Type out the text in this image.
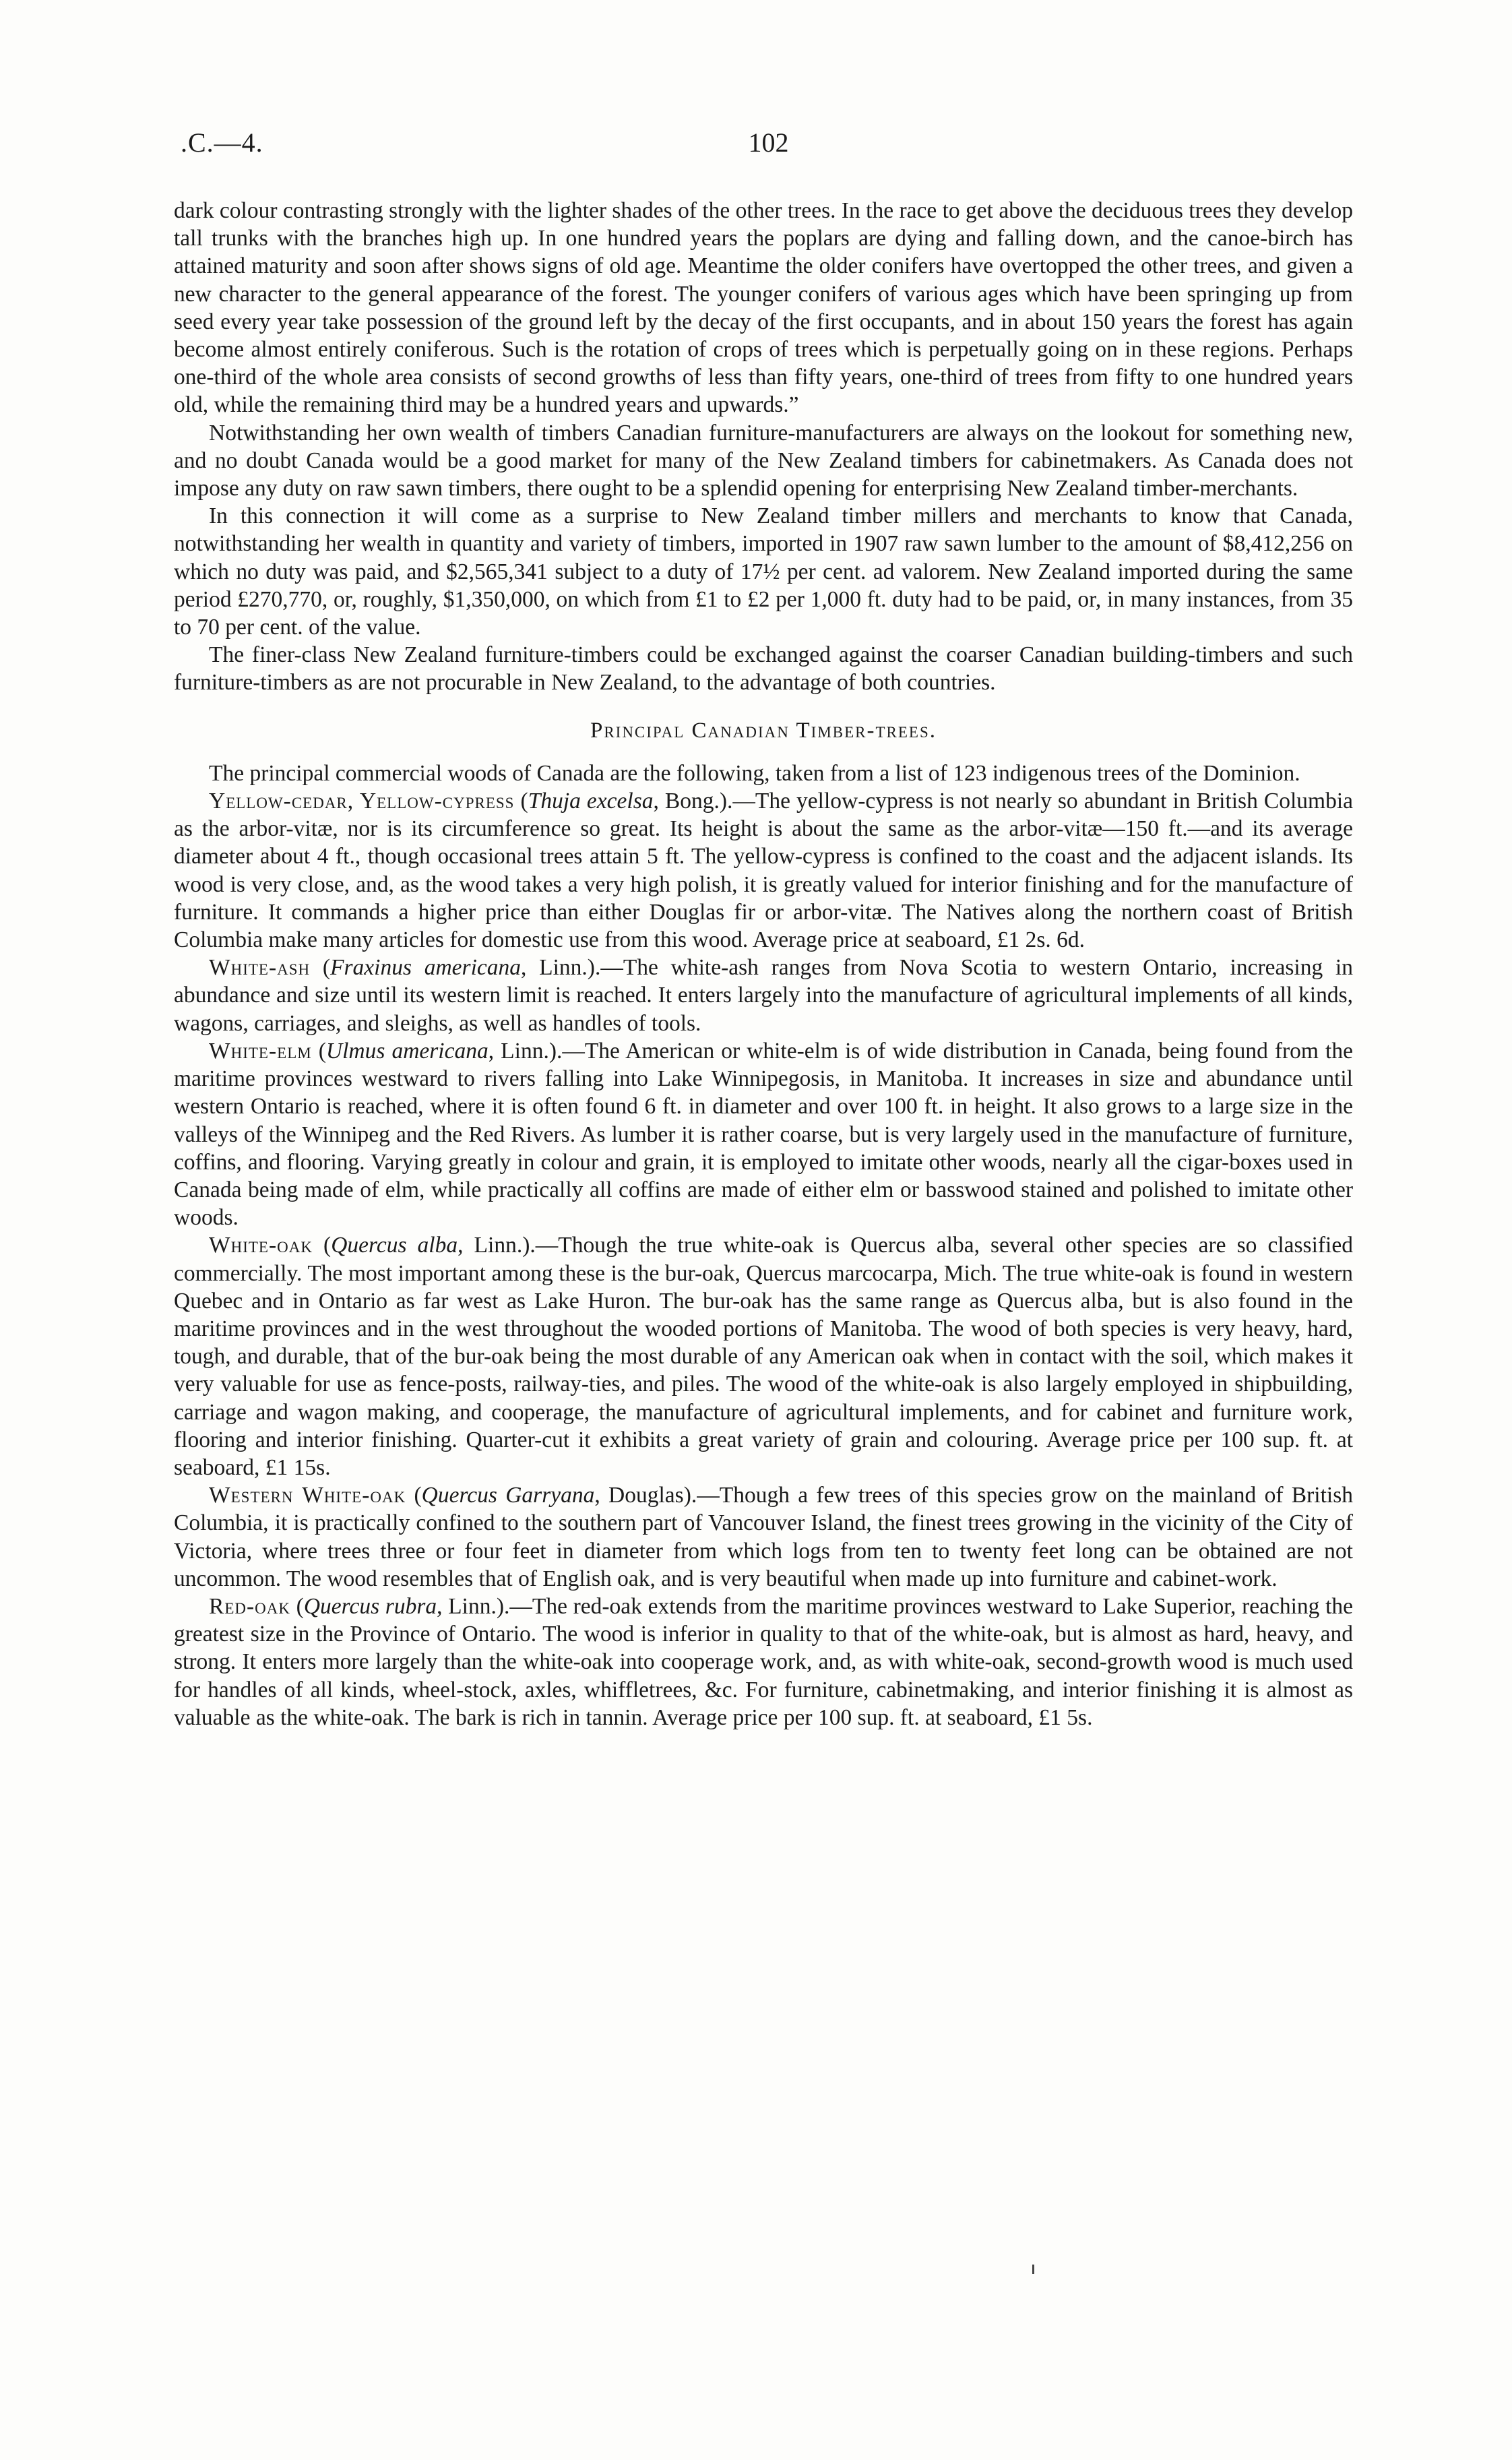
.C.—4.	102

dark colour contrasting strongly with the lighter shades of the other trees. In the race to get above the deciduous trees they develop tall trunks with the branches high up. In one hundred years the poplars are dying and falling down, and the canoe-birch has attained maturity and soon after shows signs of old age. Meantime the older conifers have overtopped the other trees, and given a new character to the general appearance of the forest. The younger conifers of various ages which have been springing up from seed every year take possession of the ground left by the decay of the first occupants, and in about 150 years the forest has again become almost entirely coniferous. Such is the rotation of crops of trees which is perpetually going on in these regions. Perhaps one-third of the whole area consists of second growths of less than fifty years, one-third of trees from fifty to one hundred years old, while the remaining third may be a hundred years and upwards.”

Notwithstanding her own wealth of timbers Canadian furniture-manufacturers are always on the lookout for something new, and no doubt Canada would be a good market for many of the New Zealand timbers for cabinetmakers. As Canada does not impose any duty on raw sawn timbers, there ought to be a splendid opening for enterprising New Zealand timber-merchants.

In this connection it will come as a surprise to New Zealand timber millers and merchants to know that Canada, notwithstanding her wealth in quantity and variety of timbers, imported in 1907 raw sawn lumber to the amount of $8,412,256 on which no duty was paid, and $2,565,341 subject to a duty of 17½ per cent. ad valorem. New Zealand imported during the same period £270,770, or, roughly, $1,350,000, on which from £1 to £2 per 1,000 ft. duty had to be paid, or, in many instances, from 35 to 70 per cent. of the value.

The finer-class New Zealand furniture-timbers could be exchanged against the coarser Canadian building-timbers and such furniture-timbers as are not procurable in New Zealand, to the advantage of both countries.

Principal Canadian Timber-trees.

The principal commercial woods of Canada are the following, taken from a list of 123 indigenous trees of the Dominion.

Yellow-cedar, Yellow-cypress (Thuja excelsa, Bong.).—The yellow-cypress is not nearly so abundant in British Columbia as the arbor-vitæ, nor is its circumference so great. Its height is about the same as the arbor-vitæ—150 ft.—and its average diameter about 4 ft., though occasional trees attain 5 ft. The yellow-cypress is confined to the coast and the adjacent islands. Its wood is very close, and, as the wood takes a very high polish, it is greatly valued for interior finishing and for the manufacture of furniture. It commands a higher price than either Douglas fir or arbor-vitæ. The Natives along the northern coast of British Columbia make many articles for domestic use from this wood. Average price at seaboard, £1 2s. 6d.

White-ash (Fraxinus americana, Linn.).—The white-ash ranges from Nova Scotia to western Ontario, increasing in abundance and size until its western limit is reached. It enters largely into the manufacture of agricultural implements of all kinds, wagons, carriages, and sleighs, as well as handles of tools.

White-elm (Ulmus americana, Linn.).—The American or white-elm is of wide distribution in Canada, being found from the maritime provinces westward to rivers falling into Lake Winnipegosis, in Manitoba. It increases in size and abundance until western Ontario is reached, where it is often found 6 ft. in diameter and over 100 ft. in height. It also grows to a large size in the valleys of the Winnipeg and the Red Rivers. As lumber it is rather coarse, but is very largely used in the manufacture of furniture, coffins, and flooring. Varying greatly in colour and grain, it is employed to imitate other woods, nearly all the cigar-boxes used in Canada being made of elm, while practically all coffins are made of either elm or basswood stained and polished to imitate other woods.

White-oak (Quercus alba, Linn.).—Though the true white-oak is Quercus alba, several other species are so classified commercially. The most important among these is the bur-oak, Quercus marcocarpa, Mich. The true white-oak is found in western Quebec and in Ontario as far west as Lake Huron. The bur-oak has the same range as Quercus alba, but is also found in the maritime provinces and in the west throughout the wooded portions of Manitoba. The wood of both species is very heavy, hard, tough, and durable, that of the bur-oak being the most durable of any American oak when in contact with the soil, which makes it very valuable for use as fence-posts, railway-ties, and piles. The wood of the white-oak is also largely employed in shipbuilding, carriage and wagon making, and cooperage, the manufacture of agricultural implements, and for cabinet and furniture work, flooring and interior finishing. Quarter-cut it exhibits a great variety of grain and colouring. Average price per 100 sup. ft. at seaboard, £1 15s.

Western White-oak (Quercus Garryana, Douglas).—Though a few trees of this species grow on the mainland of British Columbia, it is practically confined to the southern part of Vancouver Island, the finest trees growing in the vicinity of the City of Victoria, where trees three or four feet in diameter from which logs from ten to twenty feet long can be obtained are not uncommon. The wood resembles that of English oak, and is very beautiful when made up into furniture and cabinet-work.

Red-oak (Quercus rubra, Linn.).—The red-oak extends from the maritime provinces westward to Lake Superior, reaching the greatest size in the Province of Ontario. The wood is inferior in quality to that of the white-oak, but is almost as hard, heavy, and strong. It enters more largely than the white-oak into cooperage work, and, as with white-oak, second-growth wood is much used for handles of all kinds, wheel-stock, axles, whiffletrees, &c. For furniture, cabinetmaking, and interior finishing it is almost as valuable as the white-oak. The bark is rich in tannin. Average price per 100 sup. ft. at seaboard, £1 5s.
